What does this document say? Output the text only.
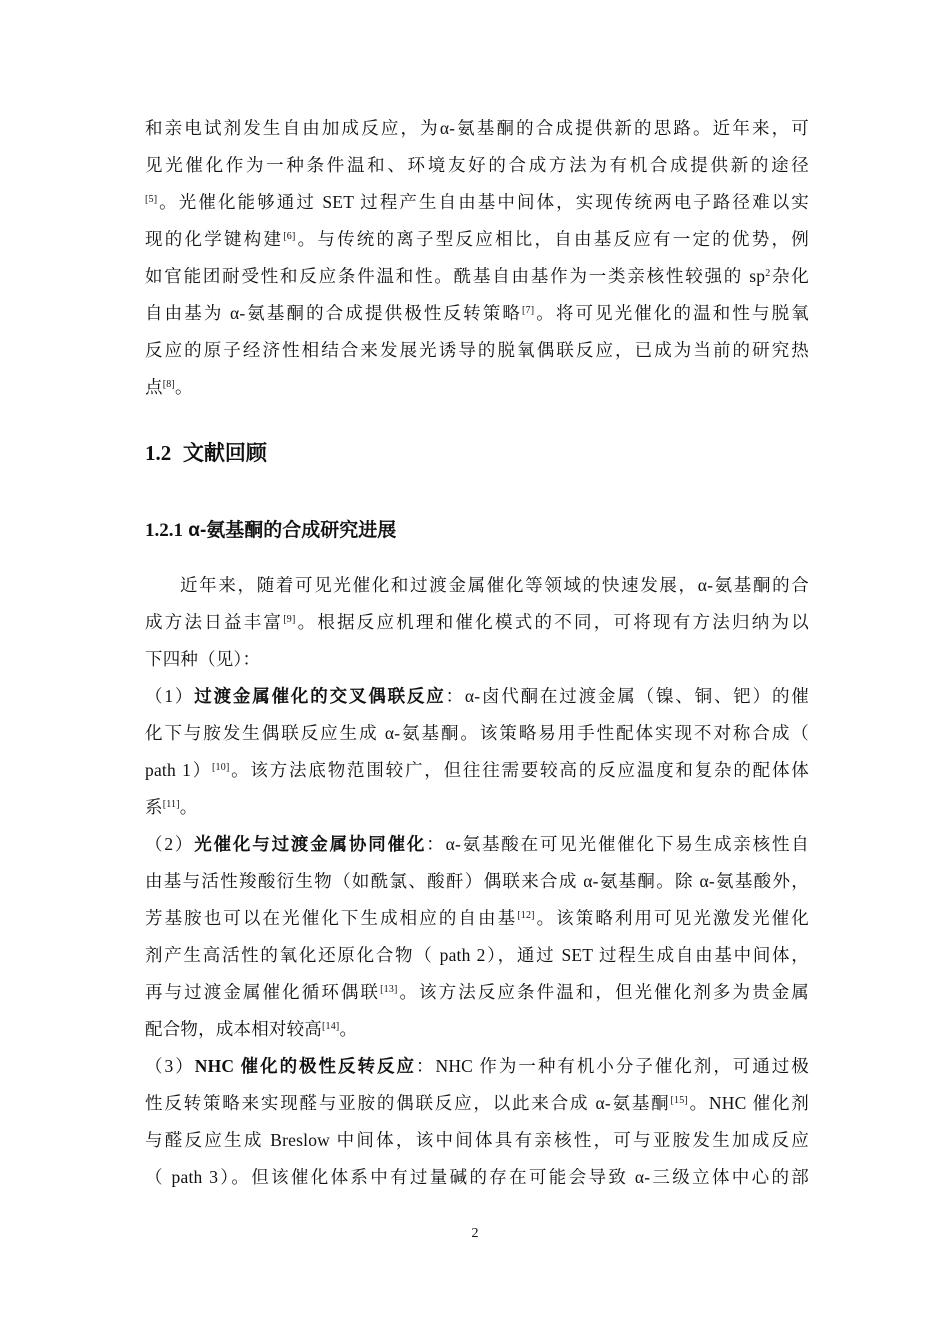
和亲电试剂发生自由加成反应，为α-氨基酮的合成提供新的思路。近年来，可
见光催化作为一种条件温和、环境友好的合成方法为有机合成提供新的途径
[5]。光催化能够通过 SET 过程产生自由基中间体，实现传统两电子路径难以实
现的化学键构建[6]。与传统的离子型反应相比，自由基反应有一定的优势，例
如官能团耐受性和反应条件温和性。酰基自由基作为一类亲核性较强的 $sp^2$杂化
自由基为 α-氨基酮的合成提供极性反转策略[7]。将可见光催化的温和性与脱氧
反应的原子经济性相结合来发展光诱导的脱氧偶联反应，已成为当前的研究热
点[8]。
1.2 文献回顾
1.2.1 α-氨基酮的合成研究进展
近年来，随着可见光催化和过渡金属催化等领域的快速发展，α-氨基酮的合
成方法日益丰富[9]。根据反应机理和催化模式的不同，可将现有方法归纳为以
下四种（见）：
（1）过渡金属催化的交叉偶联反应：α-卤代酮在过渡金属（镍、铜、钯）的催
化下与胺发生偶联反应生成 α-氨基酮。该策略易用手性配体实现不对称合成（
path 1）[10]。该方法底物范围较广，但往往需要较高的反应温度和复杂的配体体
系[11]。
（2）光催化与过渡金属协同催化：α-氨基酸在可见光催催化下易生成亲核性自
由基与活性羧酸衍生物（如酰氯、酸酐）偶联来合成 α-氨基酮。除 α-氨基酸外，
芳基胺也可以在光催化下生成相应的自由基[12]。该策略利用可见光激发光催化
剂产生高活性的氧化还原化合物（ path 2），通过 SET 过程生成自由基中间体，
再与过渡金属催化循环偶联[13]。该方法反应条件温和，但光催化剂多为贵金属
配合物，成本相对较高[14]。
（3）NHC 催化的极性反转反应：NHC 作为一种有机小分子催化剂，可通过极
性反转策略来实现醛与亚胺的偶联反应，以此来合成 α-氨基酮[15]。NHC 催化剂
与醛反应生成 Breslow 中间体，该中间体具有亲核性，可与亚胺发生加成反应
（ path 3）。但该催化体系中有过量碱的存在可能会导致 α-三级立体中心的部
2
